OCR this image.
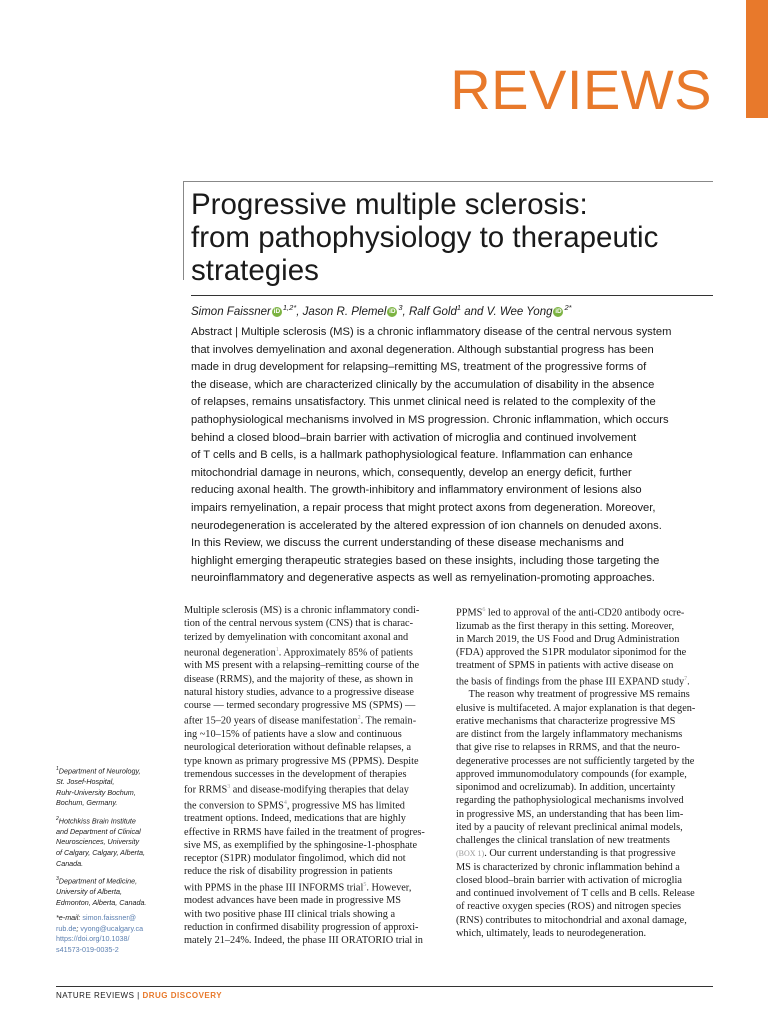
REVIEWS
Progressive multiple sclerosis:
from pathophysiology to therapeutic
strategies
Simon Faissner iD $^{1,2*}$, Jason R. Plemel iD $^3$, Ralf Gold$^1$ and V. Wee Yong iD $^{2*}$
Abstract | Multiple sclerosis (MS) is a chronic inflammatory disease of the central nervous system
that involves demyelination and axonal degeneration. Although substantial progress has been
made in drug development for relapsing–remitting MS, treatment of the progressive forms of
the disease, which are characterized clinically by the accumulation of disability in the absence
of relapses, remains unsatisfactory. This unmet clinical need is related to the complexity of the
pathophysiological mechanisms involved in MS progression. Chronic inflammation, which occurs
behind a closed blood–brain barrier with activation of microglia and continued involvement
of T cells and B cells, is a hallmark pathophysiological feature. Inflammation can enhance
mitochondrial damage in neurons, which, consequently, develop an energy deficit, further
reducing axonal health. The growth-inhibitory and inflammatory environment of lesions also
impairs remyelination, a repair process that might protect axons from degeneration. Moreover,
neurodegeneration is accelerated by the altered expression of ion channels on denuded axons.
In this Review, we discuss the current understanding of these disease mechanisms and
highlight emerging therapeutic strategies based on these insights, including those targeting the
neuroinflammatory and degenerative aspects as well as remyelination-promoting approaches.
Multiple sclerosis (MS) is a chronic inflammatory condi-
tion of the central nervous system (CNS) that is charac-
terized by demyelination with concomitant axonal and
neuronal degeneration$^1$. Approximately 85% of patients
with MS present with a relapsing–remitting course of the
disease (RRMS), and the majority of these, as shown in
natural history studies, advance to a progressive disease
course — termed secondary progressive MS (SPMS) —
after 15–20 years of disease manifestation$^2$. The remain-
ing ~10–15% of patients have a slow and continuous
neurological deterioration without definable relapses, a
type known as primary progressive MS (PPMS). Despite
tremendous successes in the development of therapies
for RRMS$^3$ and disease-modifying therapies that delay
the conversion to SPMS$^4$, progressive MS has limited
treatment options. Indeed, medications that are highly
effective in RRMS have failed in the treatment of progres-
sive MS, as exemplified by the sphingosine-1-phosphate
receptor (S1PR) modulator fingolimod, which did not
reduce the risk of disability progression in patients
with PPMS in the phase III INFORMS trial$^5$. However,
modest advances have been made in progressive MS
with two positive phase III clinical trials showing a
reduction in confirmed disability progression of approxi-
mately 21–24%. Indeed, the phase III ORATORIO trial in
PPMS$^6$ led to approval of the anti-CD20 antibody ocre-
lizumab as the first therapy in this setting. Moreover,
in March 2019, the US Food and Drug Administration
(FDA) approved the S1PR modulator siponimod for the
treatment of SPMS in patients with active disease on
the basis of findings from the phase III EXPAND study$^7$.
The reason why treatment of progressive MS remains
elusive is multifaceted. A major explanation is that degen-
erative mechanisms that characterize progressive MS
are distinct from the largely inflammatory mechanisms
that give rise to relapses in RRMS, and that the neuro-
degenerative processes are not sufficiently targeted by the
approved immunomodulatory compounds (for example,
siponimod and ocrelizumab). In addition, uncertainty
regarding the pathophysiological mechanisms involved
in progressive MS, an understanding that has been lim-
ited by a paucity of relevant preclinical animal models,
challenges the clinical translation of new treatments
(BOX 1). Our current understanding is that progressive
MS is characterized by chronic inflammation behind a
closed blood–brain barrier with activation of microglia
and continued involvement of T cells and B cells. Release
of reactive oxygen species (ROS) and nitrogen species
(RNS) contributes to mitochondrial and axonal damage,
which, ultimately, leads to neurodegeneration.
$^1$Department of Neurology,
St. Josef-Hospital,
Ruhr-University Bochum,
Bochum, Germany.
$^2$Hotchkiss Brain Institute
and Department of Clinical
Neurosciences, University
of Calgary, Calgary, Alberta,
Canada.
$^3$Department of Medicine,
University of Alberta,
Edmonton, Alberta, Canada.
*e-mail: simon.faissner@
rub.de; vyong@ucalgary.ca
https://doi.org/10.1038/
s41573-019-0035-2
NATURE REVIEWS | DRUG DISCOVERY
